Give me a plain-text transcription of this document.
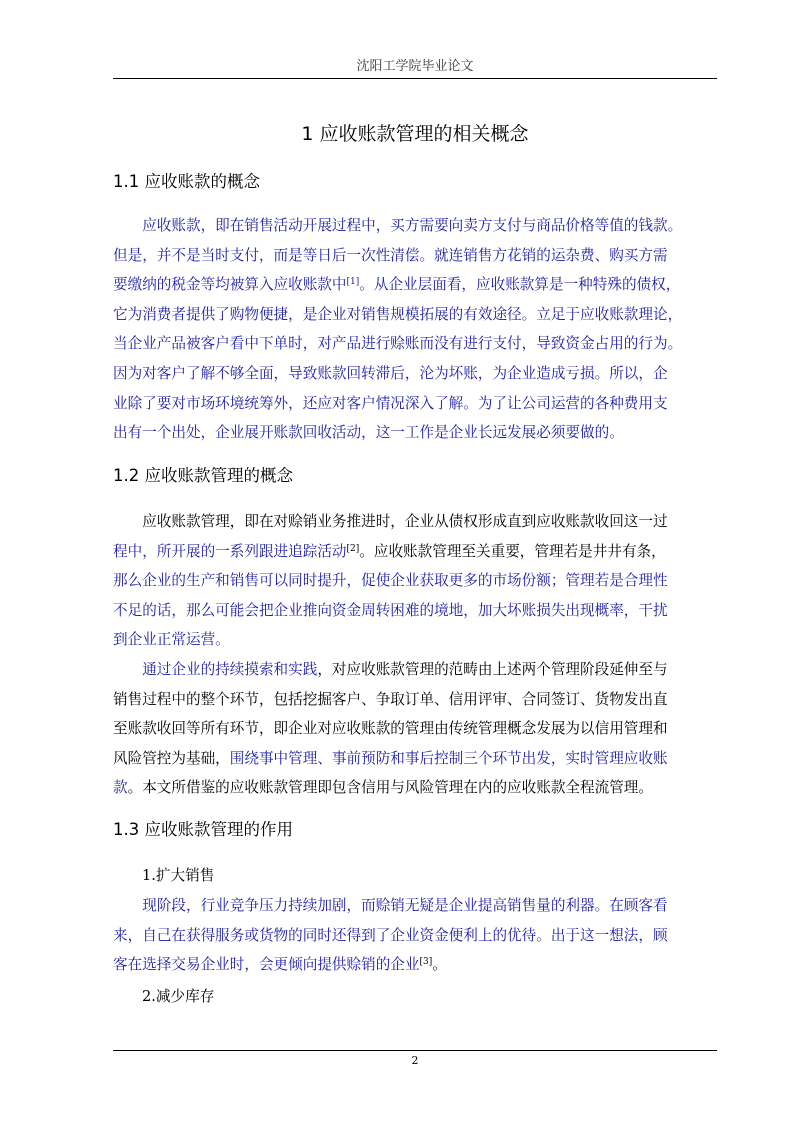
沈阳工学院毕业论文
1 应收账款管理的相关概念
1.1 应收账款的概念
应收账款，即在销售活动开展过程中，买方需要向卖方支付与商品价格等值的钱款。
但是，并不是当时支付，而是等日后一次性清偿。就连销售方花销的运杂费、购买方需
要缴纳的税金等均被算入应收账款中[1]。从企业层面看，应收账款算是一种特殊的债权，
它为消费者提供了购物便捷，是企业对销售规模拓展的有效途径。立足于应收账款理论，
当企业产品被客户看中下单时，对产品进行赊账而没有进行支付，导致资金占用的行为。
因为对客户了解不够全面，导致账款回转滞后，沦为坏账，为企业造成亏损。所以，企
业除了要对市场环境统筹外，还应对客户情况深入了解。为了让公司运营的各种费用支
出有一个出处，企业展开账款回收活动，这一工作是企业长远发展必须要做的。
1.2 应收账款管理的概念
应收账款管理，即在对赊销业务推进时，企业从债权形成直到应收账款收回这一过
程中，所开展的一系列跟进追踪活动[2]。应收账款管理至关重要，管理若是井井有条，
那么企业的生产和销售可以同时提升，促使企业获取更多的市场份额；管理若是合理性
不足的话，那么可能会把企业推向资金周转困难的境地，加大坏账损失出现概率，干扰
到企业正常运营。
通过企业的持续摸索和实践，对应收账款管理的范畴由上述两个管理阶段延伸至与
销售过程中的整个环节，包括挖掘客户、争取订单、信用评审、合同签订、货物发出直
至账款收回等所有环节，即企业对应收账款的管理由传统管理概念发展为以信用管理和
风险管控为基础，围绕事中管理、事前预防和事后控制三个环节出发，实时管理应收账
款。本文所借鉴的应收账款管理即包含信用与风险管理在内的应收账款全程流管理。
1.3 应收账款管理的作用
1.扩大销售
现阶段，行业竞争压力持续加剧，而赊销无疑是企业提高销售量的利器。在顾客看
来，自己在获得服务或货物的同时还得到了企业资金便利上的优待。出于这一想法，顾
客在选择交易企业时，会更倾向提供赊销的企业[3]。
2.减少库存
2
